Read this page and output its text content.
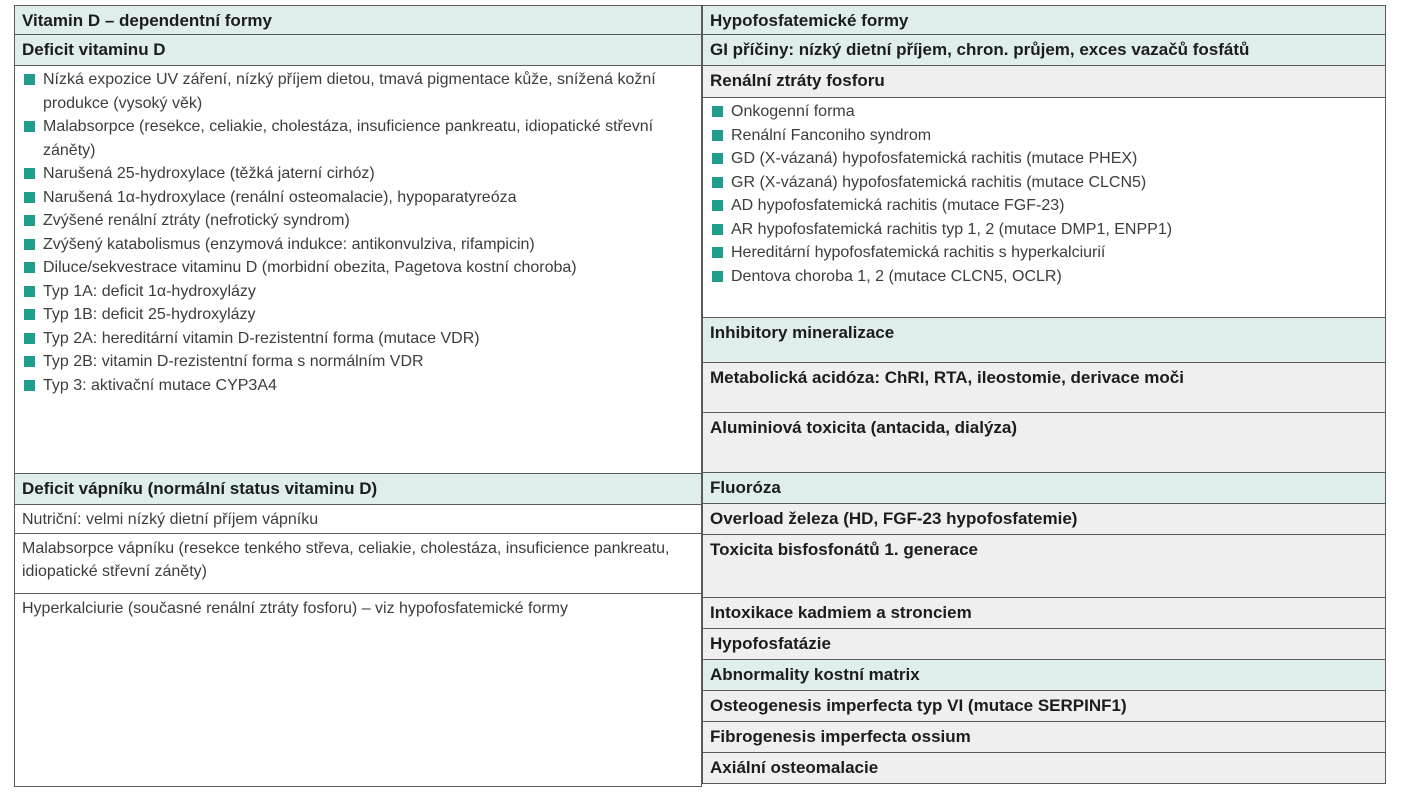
Vitamin D – dependentní formy
Deficit vitaminu D
Nízká expozice UV záření, nízký příjem dietou, tmavá pigmentace kůže, snížená kožní produkce (vysoký věk)
Malabsorpce (resekce, celiakie, cholestáza, insuficience pankreatu, idiopatické střevní záněty)
Narušená 25-hydroxylace (těžká jaterní cirhóz)
Narušená 1α-hydroxylace (renální osteomalacie), hypoparatyreóza
Zvýšené renální ztráty (nefrotický syndrom)
Zvýšený katabolismus (enzymová indukce: antikonvulziva, rifampicin)
Diluce/sekvestrace vitaminu D (morbidní obezita, Pagetova kostní choroba)
Typ 1A: deficit 1α-hydroxylázy
Typ 1B: deficit 25-hydroxylázy
Typ 2A: hereditární vitamin D-rezistentní forma (mutace VDR)
Typ 2B: vitamin D-rezistentní forma s normálním VDR
Typ 3: aktivační mutace CYP3A4
Deficit vápníku (normální status vitaminu D)
Nutriční: velmi nízký dietní příjem vápníku
Malabsorpce vápníku (resekce tenkého střeva, celiakie, cholestáza, insuficience pankreatu, idiopatické střevní záněty)
Hyperkalciurie (současné renální ztráty fosforu) – viz hypofosfatemické formy
Hypofosfatemické formy
GI příčiny: nízký dietní příjem, chron. průjem, exces vazačů fosfátů
Renální ztráty fosforu
Onkogenní forma
Renální Fanconiho syndrom
GD (X-vázaná) hypofosfatemická rachitis (mutace PHEX)
GR (X-vázaná) hypofosfatemická rachitis (mutace CLCN5)
AD hypofosfatemická rachitis (mutace FGF-23)
AR hypofosfatemická rachitis typ 1, 2 (mutace DMP1, ENPP1)
Hereditární hypofosfatemická rachitis s hyperkalciurií
Dentova choroba 1, 2 (mutace CLCN5, OCLR)
Inhibitory mineralizace
Metabolická acidóza: ChRI, RTA, ileostomie, derivace moči
Aluminiová toxicita (antacida, dialýza)
Fluoróza
Overload železa (HD, FGF-23 hypofosfatemie)
Toxicita bisfosfonátů 1. generace
Intoxikace kadmiem a stronciem
Hypofosfatázie
Abnormality kostní matrix
Osteogenesis imperfecta typ VI (mutace SERPINF1)
Fibrogenesis imperfecta ossium
Axiální osteomalacie
